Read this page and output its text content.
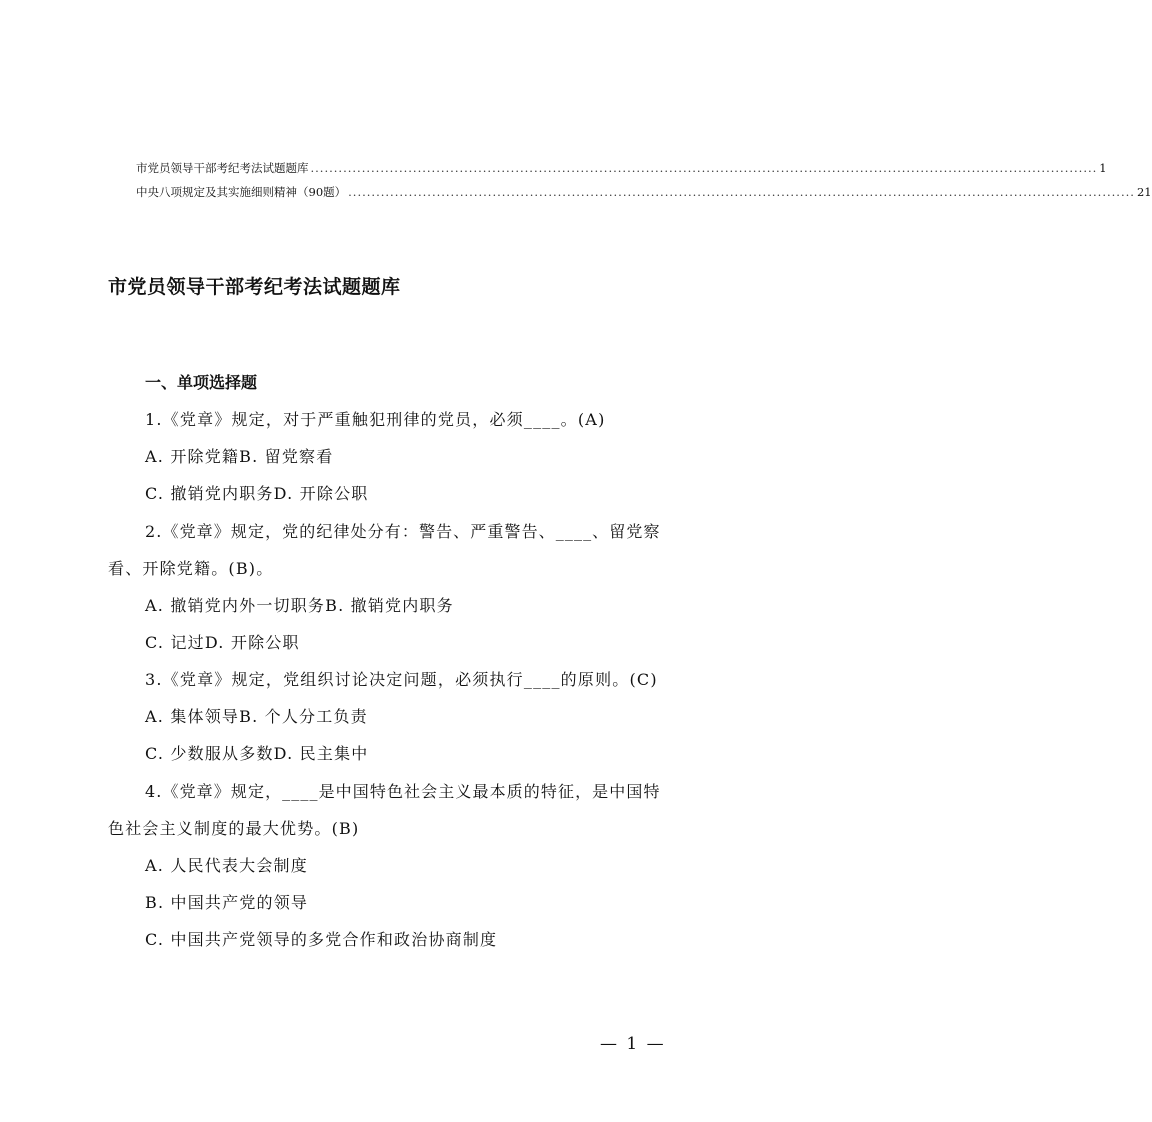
市党员领导干部考纪考法试题题库 ......................................................................................................................................................................... 1
中央八项规定及其实施细则精神（90题） ......................................................................................................................................................................... 21
市党员领导干部考纪考法试题题库
一、单项选择题
1.《党章》规定，对于严重触犯刑律的党员，必须____。(A)
A. 开除党籍B. 留党察看
C. 撤销党内职务D. 开除公职
2.《党章》规定，党的纪律处分有：警告、严重警告、____、留党察
看、开除党籍。(B)。
A. 撤销党内外一切职务B. 撤销党内职务
C. 记过D. 开除公职
3.《党章》规定，党组织讨论决定问题，必须执行____的原则。(C)
A. 集体领导B. 个人分工负责
C. 少数服从多数D. 民主集中
4.《党章》规定，____是中国特色社会主义最本质的特征，是中国特
色社会主义制度的最大优势。(B)
A. 人民代表大会制度
B. 中国共产党的领导
C. 中国共产党领导的多党合作和政治协商制度
— 1 —
